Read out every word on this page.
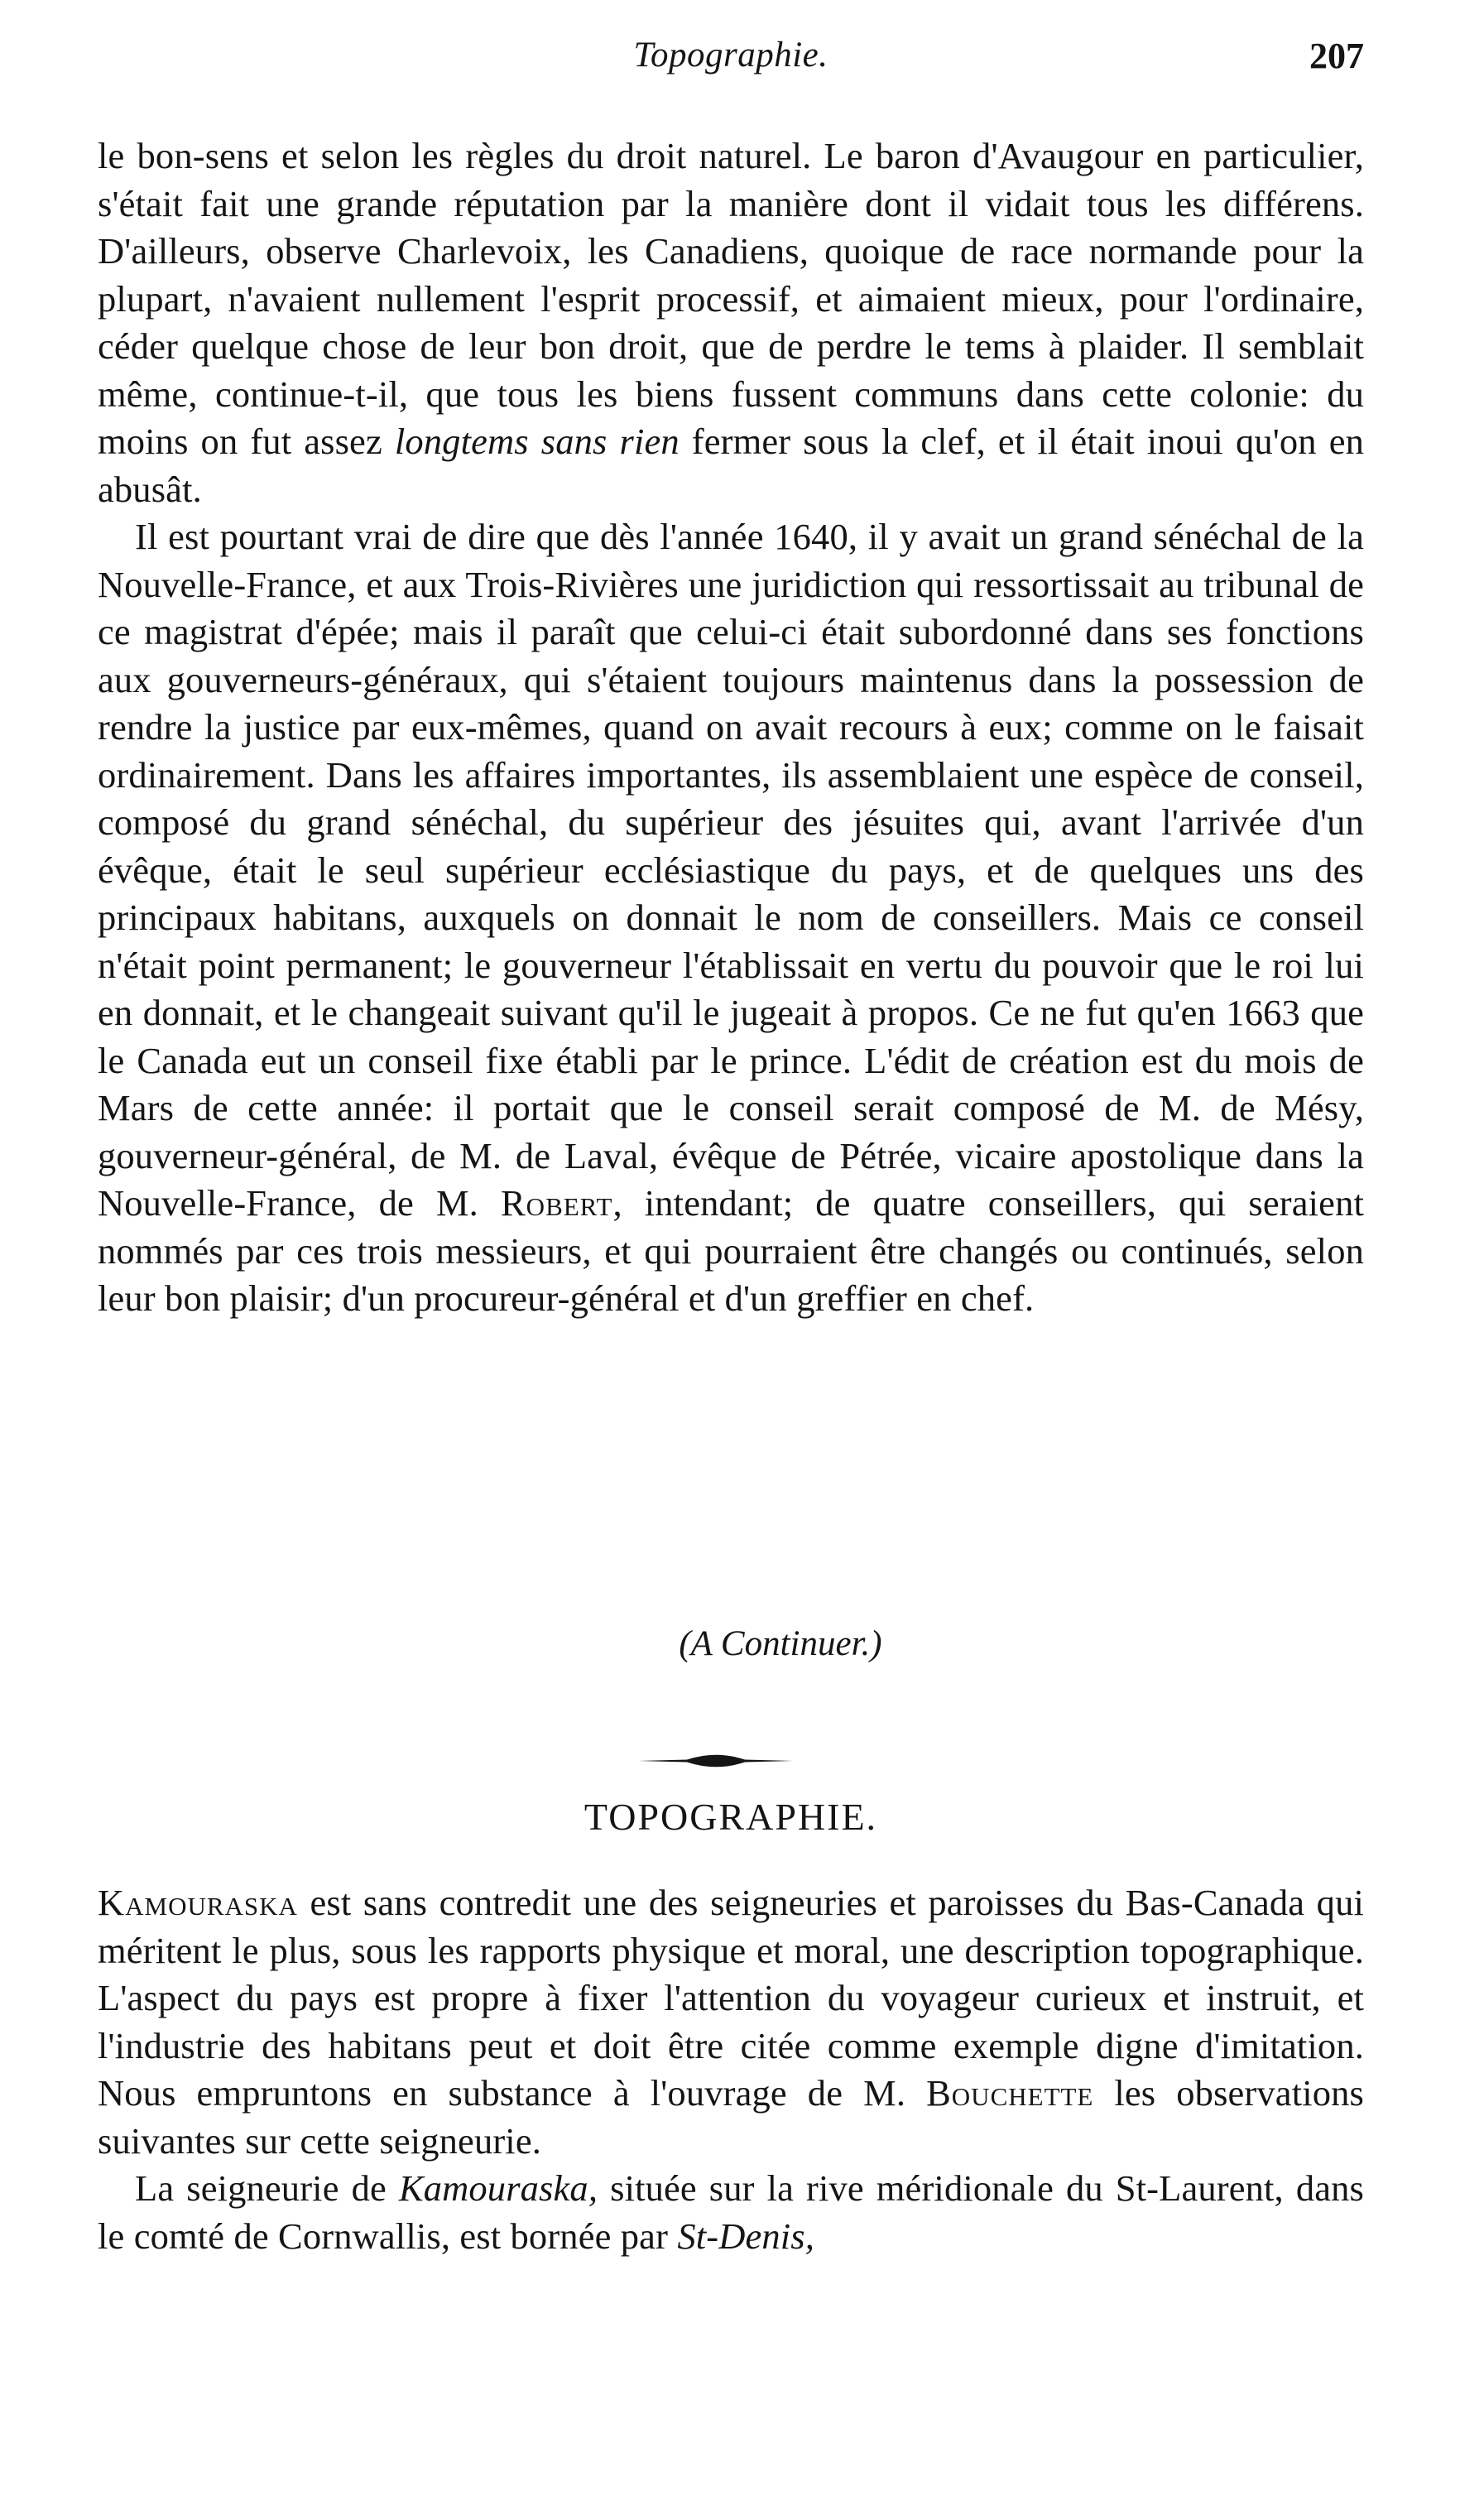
Topographie.	207

le bon-sens et selon les règles du droit naturel. Le baron d'Avaugour en particulier, s'était fait une grande réputation par la manière dont il vidait tous les différens. D'ailleurs, observe Charlevoix, les Canadiens, quoique de race normande pour la plupart, n'avaient nullement l'esprit processif, et aimaient mieux, pour l'ordinaire, céder quelque chose de leur bon droit, que de perdre le tems à plaider. Il semblait même, continue-t-il, que tous les biens fussent communs dans cette colonie: du moins on fut assez longtems sans rien fermer sous la clef, et il était inoui qu'on en abusât.

Il est pourtant vrai de dire que dès l'année 1640, il y avait un grand sénéchal de la Nouvelle-France, et aux Trois-Rivières une juridiction qui ressortissait au tribunal de ce magistrat d'épée; mais il paraît que celui-ci était subordonné dans ses fonctions aux gouverneurs-généraux, qui s'étaient toujours maintenus dans la possession de rendre la justice par eux-mêmes, quand on avait recours à eux; comme on le faisait ordinairement. Dans les affaires importantes, ils assemblaient une espèce de conseil, composé du grand sénéchal, du supérieur des jésuites qui, avant l'arrivée d'un évêque, était le seul supérieur ecclésiastique du pays, et de quelques uns des principaux habitans, auxquels on donnait le nom de conseillers. Mais ce conseil n'était point permanent; le gouverneur l'établissait en vertu du pouvoir que le roi lui en donnait, et le changeait suivant qu'il le jugeait à propos. Ce ne fut qu'en 1663 que le Canada eut un conseil fixe établi par le prince. L'édit de création est du mois de Mars de cette année: il portait que le conseil serait composé de M. de Mésy, gouverneur-général, de M. de Laval, évêque de Pétrée, vicaire apostolique dans la Nouvelle-France, de M. Robert, intendant; de quatre conseillers, qui seraient nommés par ces trois messieurs, et qui pourraient être changés ou continués, selon leur bon plaisir; d'un procureur-général et d'un greffier en chef.

(A Continuer.)
TOPOGRAPHIE.

Kamouraska est sans contredit une des seigneuries et paroisses du Bas-Canada qui méritent le plus, sous les rapports physique et moral, une description topographique. L'aspect du pays est propre à fixer l'attention du voyageur curieux et instruit, et l'industrie des habitans peut et doit être citée comme exemple digne d'imitation. Nous empruntons en substance à l'ouvrage de M. Bouchette les observations suivantes sur cette seigneurie.

La seigneurie de Kamouraska, située sur la rive méridionale du St-Laurent, dans le comté de Cornwallis, est bornée par St-Denis,
